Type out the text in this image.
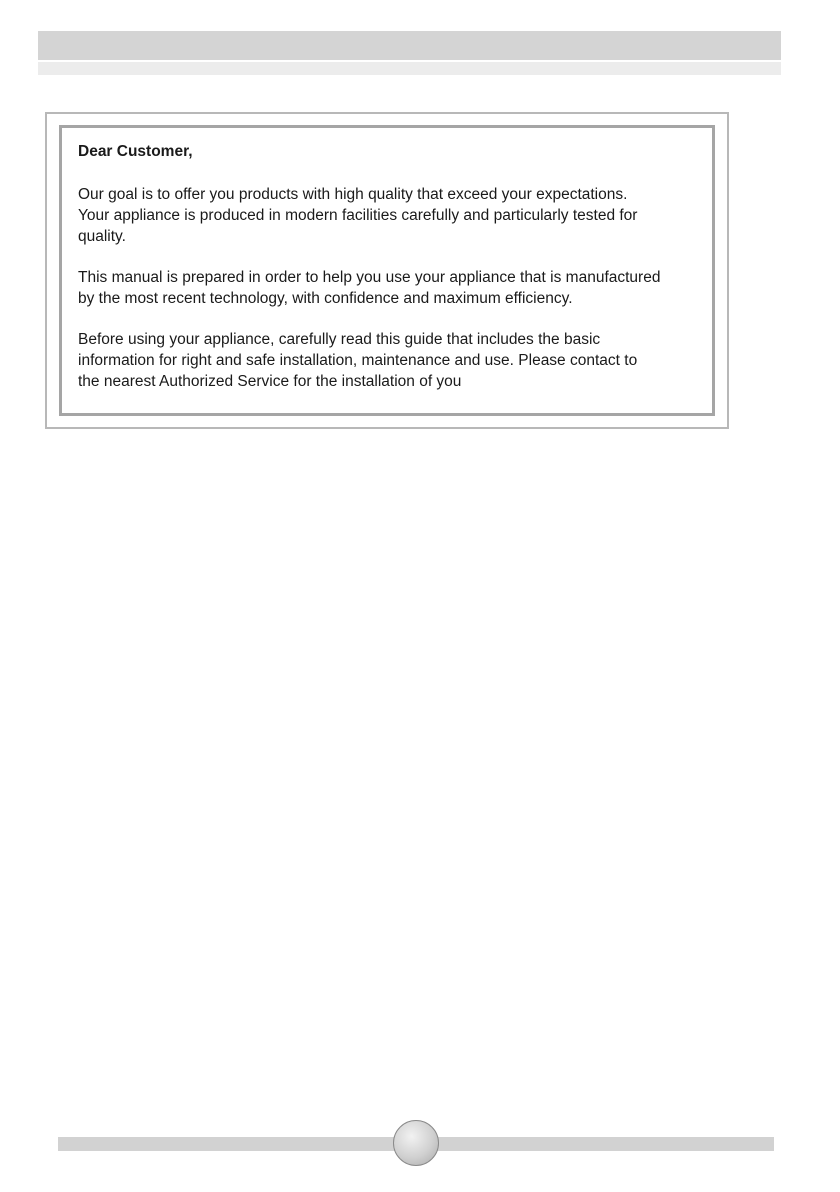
Dear Customer,

Our goal is to offer you products with high quality that exceed your expectations.
Your appliance is produced in modern facilities carefully and particularly tested for
quality.

This manual is prepared in order to help you use your appliance that is manufactured
by the most recent technology, with confidence and maximum efficiency.

Before using your appliance, carefully read this guide that includes the basic
information for right and safe installation, maintenance and use. Please contact to
the nearest Authorized Service for the installation of you
